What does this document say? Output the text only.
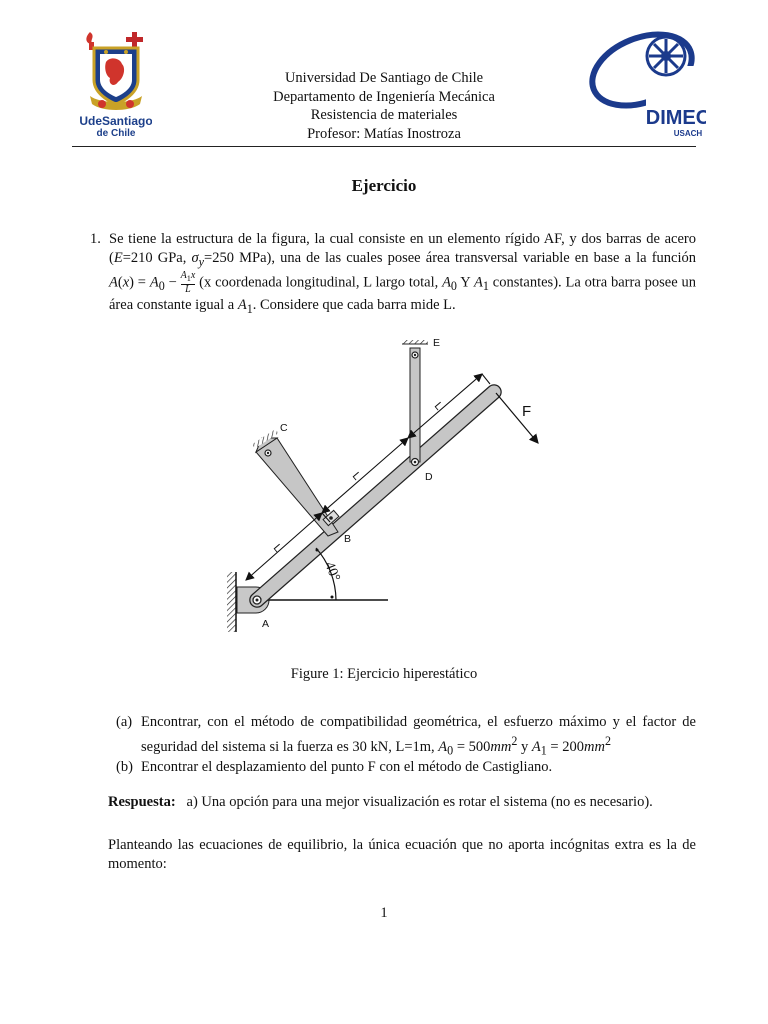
UdeSantiago
de Chile
Universidad De Santiago de Chile
Departamento de Ingeniería Mecánica
Resistencia de materiales
Profesor: Matías Inostroza
DIMEC
USACH
Ejercicio
1. Se tiene la estructura de la figura, la cual consiste en un elemento rígido AF, y dos barras de acero (E=210 GPa, $\sigma_y=250$ MPa), una de las cuales posee área transversal variable en base a la función $A(x) = A_0 - \frac{A_1x}{L} (x$ coordenada longitudinal, L largo total, $A_0$ Y $A_1$ constantes). La otra barra posee un área constante igual a $A_1$. Considere que cada barra mide L.
E
C
D
B
A
F
L
L
L
40°
Figure 1: Ejercicio hiperestático
(a) Encontrar, con el método de compatibilidad geométrica, el esfuerzo máximo y el factor de seguridad del sistema si la fuerza es 30 kN, L=1m, $A_0 = 500mm^2$ y $A_1 = 200mm^2$
(b) Encontrar el desplazamiento del punto F con el método de Castigliano.
Respuesta: a) Una opción para una mejor visualización es rotar el sistema (no es necesario).
Planteando las ecuaciones de equilibrio, la única ecuación que no aporta incógnitas extra es la de momento:
1
